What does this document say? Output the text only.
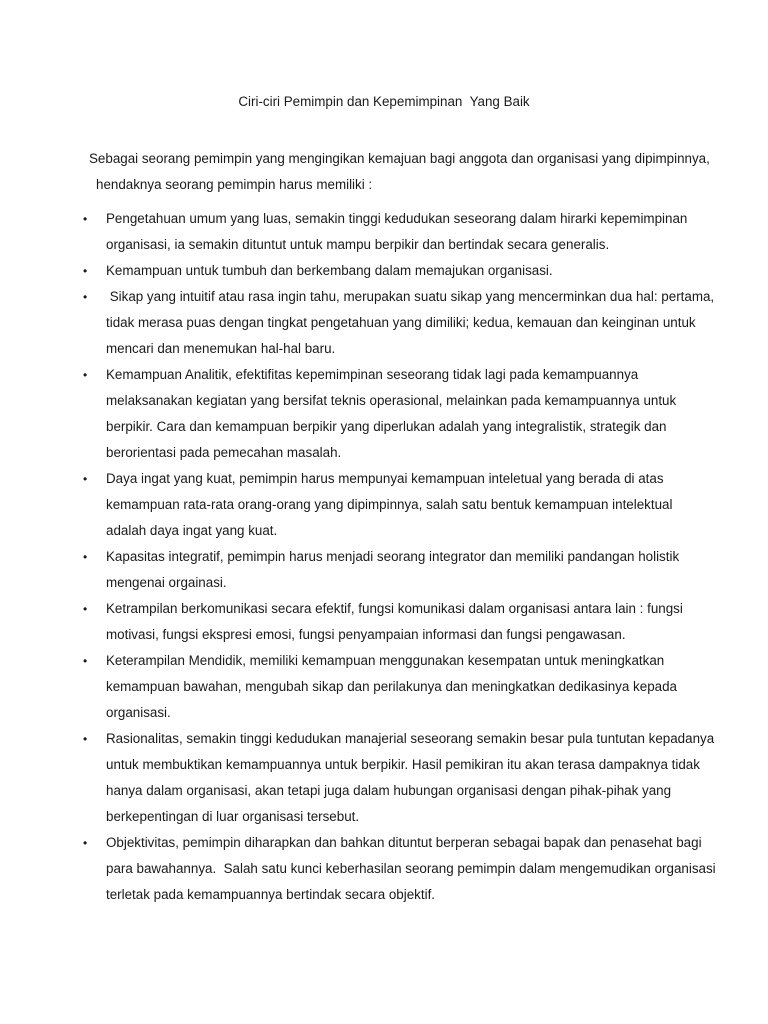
Ciri-ciri Pemimpin dan Kepemimpinan  Yang Baik
Sebagai seorang pemimpin yang mengingikan kemajuan bagi anggota dan organisasi yang dipimpinnya,
hendaknya seorang pemimpin harus memiliki :
• Pengetahuan umum yang luas, semakin tinggi kedudukan seseorang dalam hirarki kepemimpinan
organisasi, ia semakin dituntut untuk mampu berpikir dan bertindak secara generalis.
• Kemampuan untuk tumbuh dan berkembang dalam memajukan organisasi.
• Sikap yang intuitif atau rasa ingin tahu, merupakan suatu sikap yang mencerminkan dua hal: pertama,
tidak merasa puas dengan tingkat pengetahuan yang dimiliki; kedua, kemauan dan keinginan untuk
mencari dan menemukan hal-hal baru.
• Kemampuan Analitik, efektifitas kepemimpinan seseorang tidak lagi pada kemampuannya
melaksanakan kegiatan yang bersifat teknis operasional, melainkan pada kemampuannya untuk
berpikir. Cara dan kemampuan berpikir yang diperlukan adalah yang integralistik, strategik dan
berorientasi pada pemecahan masalah.
• Daya ingat yang kuat, pemimpin harus mempunyai kemampuan inteletual yang berada di atas
kemampuan rata-rata orang-orang yang dipimpinnya, salah satu bentuk kemampuan intelektual
adalah daya ingat yang kuat.
• Kapasitas integratif, pemimpin harus menjadi seorang integrator dan memiliki pandangan holistik
mengenai orgainasi.
• Ketrampilan berkomunikasi secara efektif, fungsi komunikasi dalam organisasi antara lain : fungsi
motivasi, fungsi ekspresi emosi, fungsi penyampaian informasi dan fungsi pengawasan.
• Keterampilan Mendidik, memiliki kemampuan menggunakan kesempatan untuk meningkatkan
kemampuan bawahan, mengubah sikap dan perilakunya dan meningkatkan dedikasinya kepada
organisasi.
• Rasionalitas, semakin tinggi kedudukan manajerial seseorang semakin besar pula tuntutan kepadanya
untuk membuktikan kemampuannya untuk berpikir. Hasil pemikiran itu akan terasa dampaknya tidak
hanya dalam organisasi, akan tetapi juga dalam hubungan organisasi dengan pihak-pihak yang
berkepentingan di luar organisasi tersebut.
• Objektivitas, pemimpin diharapkan dan bahkan dituntut berperan sebagai bapak dan penasehat bagi
para bawahannya.  Salah satu kunci keberhasilan seorang pemimpin dalam mengemudikan organisasi
terletak pada kemampuannya bertindak secara objektif.
